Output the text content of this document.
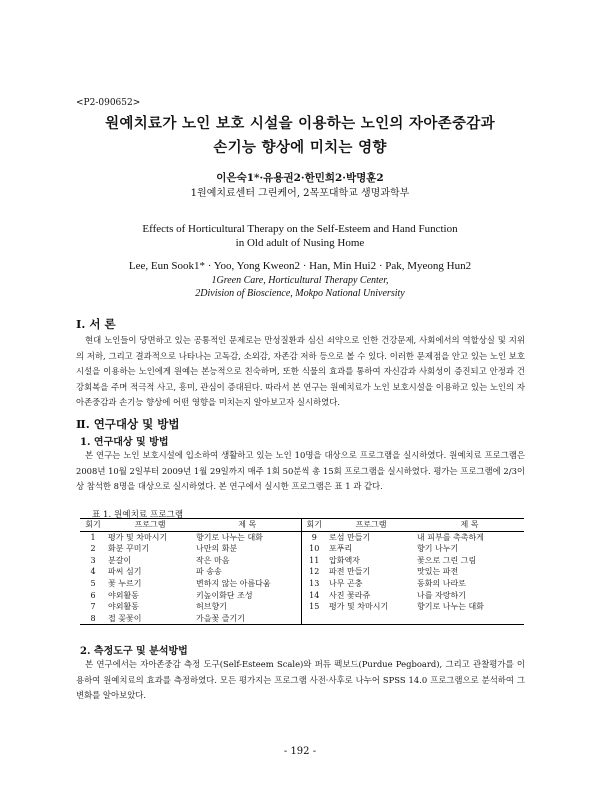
<P2-090652>
원예치료가 노인 보호 시설을 이용하는 노인의 자아존중감과
손기능 향상에 미치는 영향
이은숙1*·유용권2·한민희2·박명훈2
1원예치료센터 그린케어, 2목포대학교 생명과학부
Effects of Horticultural Therapy on the Self-Esteem and Hand Function
in Old adult of Nusing Home
Lee, Eun Sook1* · Yoo, Yong Kweon2 · Han, Min Hui2 · Pak, Myeong Hun2
1Green Care, Horticultural Therapy Center,
2Division of Bioscience, Mokpo National University
Ⅰ. 서 론
현대 노인들이 당면하고 있는 공통적인 문제로는 만성질환과 심신 쇠약으로 인한 건강문제, 사회에서의 역할상실 및 지위의 저하, 그리고 결과적으로 나타나는 고독감, 소외감, 자존감 저하 등으로 볼 수 있다. 이러한 문제점을 안고 있는 노인 보호시설을 이용하는 노인에게 원예는 본능적으로 친숙하며, 또한 식물의 효과를 통하여 자신감과 사회성이 증진되고 안정과 건강회복을 주며 적극적 사고, 흥미, 관심이 증대된다. 따라서 본 연구는 원예치료가 노인 보호시설을 이용하고 있는 노인의 자아존중감과 손기능 향상에 어떤 영향을 미치는지 알아보고자 실시하였다.
Ⅱ. 연구대상 및 방법
1. 연구대상 및 방법
본 연구는 노인 보호시설에 입소하여 생활하고 있는 노인 10명을 대상으로 프로그램을 실시하였다. 원예치료 프로그램은 2008년 10월 2일부터 2009년 1월 29일까지 매주 1회 50분씩 총 15회 프로그램을 실시하였다. 평가는 프로그램에 2/3이상 참석한 8명을 대상으로 실시하였다. 본 연구에서 실시한 프로그램은 표 1 과 같다.
표 1. 원예치료 프로그램
회기	프로그램	제 목	회기	프로그램	제 목
1	평가 및 차마시기	향기로 나누는 대화	9	로섬 만들기	내 피부를 촉촉하게
2	화분 꾸미기	나만의 화분	10	포푸리	향기 나누기
3	분갈이	작은 마음	11	압화액자	꽃으로 그린 그림
4	파씨 심기	파 송송	12	파전 만들기	맛있는 파전
5	꽃 누르기	변하지 않는 아름다움	13	나무 곤충	동화의 나라로
6	야외활동	키높이화단 조성	14	사진 꽃라쥬	나를 자랑하기
7	야외활동	허브향기	15	평가 및 차마시기	향기로 나누는 대화
8	접 꽂꽃이	가을꽃 즐기기			
2. 측정도구 및 분석방법
본 연구에서는 자아존중감 측정 도구(Self-Esteem Scale)와 퍼듀 펙보드(Purdue Pegboard), 그리고 관찰평가를 이용하여 원예치료의 효과를 측정하였다. 모든 평가지는 프로그램 사전·사후로 나누어 SPSS 14.0 프로그램으로 분석하여 그 변화를 알아보았다.
- 192 -
